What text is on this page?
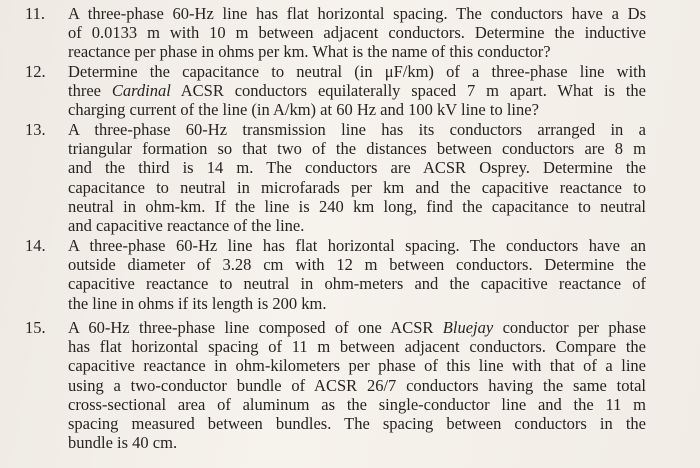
11.	A three-phase 60-Hz line has flat horizontal spacing. The conductors have a Ds
of 0.0133 m with 10 m between adjacent conductors. Determine the inductive
reactance per phase in ohms per km. What is the name of this conductor?
12.	Determine the capacitance to neutral (in μF/km) of a three-phase line with
three Cardinal ACSR conductors equilaterally spaced 7 m apart. What is the
charging current of the line (in A/km) at 60 Hz and 100 kV line to line?
13.	A three-phase 60-Hz transmission line has its conductors arranged in a
triangular formation so that two of the distances between conductors are 8 m
and the third is 14 m. The conductors are ACSR Osprey. Determine the
capacitance to neutral in microfarads per km and the capacitive reactance to
neutral in ohm-km. If the line is 240 km long, find the capacitance to neutral
and capacitive reactance of the line.
14.	A three-phase 60-Hz line has flat horizontal spacing. The conductors have an
outside diameter of 3.28 cm with 12 m between conductors. Determine the
capacitive reactance to neutral in ohm-meters and the capacitive reactance of
the line in ohms if its length is 200 km.
15.	A 60-Hz three-phase line composed of one ACSR Bluejay conductor per phase
has flat horizontal spacing of 11 m between adjacent conductors. Compare the
capacitive reactance in ohm-kilometers per phase of this line with that of a line
using a two-conductor bundle of ACSR 26/7 conductors having the same total
cross-sectional area of aluminum as the single-conductor line and the 11 m
spacing measured between bundles. The spacing between conductors in the
bundle is 40 cm.
